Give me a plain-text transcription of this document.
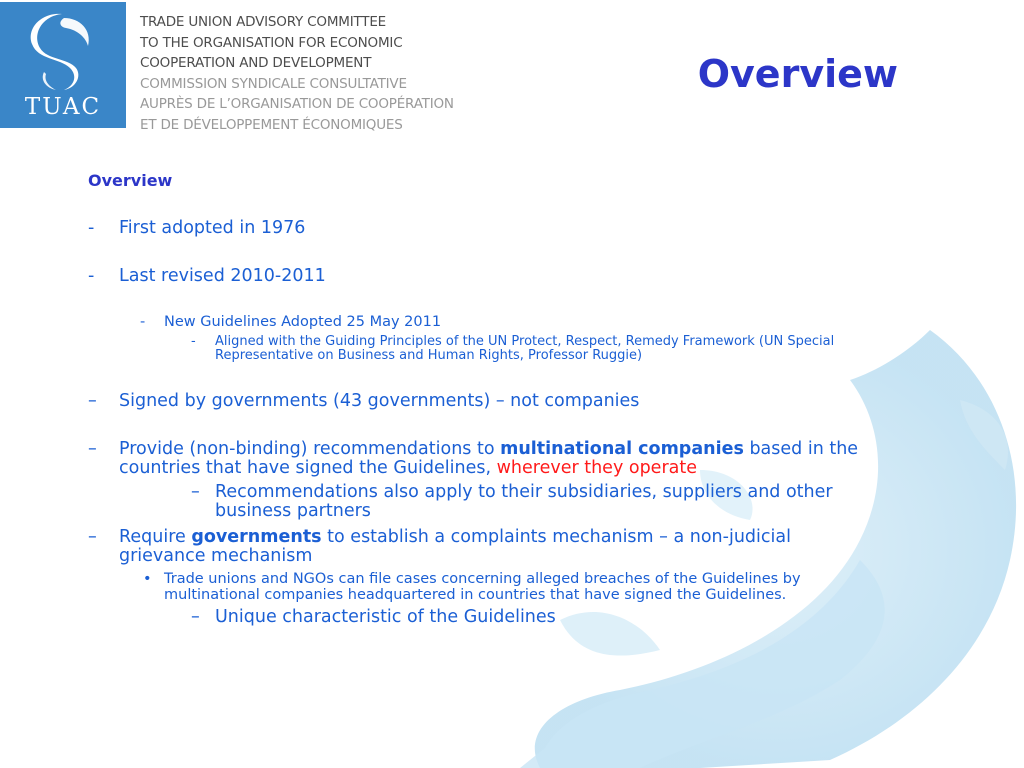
TUAC
TRADE UNION ADVISORY COMMITTEE
TO THE ORGANISATION FOR ECONOMIC
COOPERATION AND DEVELOPMENT
COMMISSION SYNDICALE CONSULTATIVE
AUPRÈS DE L’ORGANISATION DE COOPÉRATION
ET DE DÉVELOPPEMENT ÉCONOMIQUES
Overview
Overview
- First adopted in 1976
- Last revised 2010-2011
- New Guidelines Adopted 25 May 2011
- Aligned with the Guiding Principles of the UN Protect, Respect, Remedy Framework (UN Special
Representative on Business and Human Rights, Professor Ruggie)
– Signed by governments (43 governments) – not companies
– Provide (non-binding) recommendations to multinational companies based in the
countries that have signed the Guidelines, wherever they operate
– Recommendations also apply to their subsidiaries, suppliers and other
business partners
– Require governments to establish a complaints mechanism – a non-judicial
grievance mechanism
• Trade unions and NGOs can file cases concerning alleged breaches of the Guidelines by
multinational companies headquartered in countries that have signed the Guidelines.
– Unique characteristic of the Guidelines
